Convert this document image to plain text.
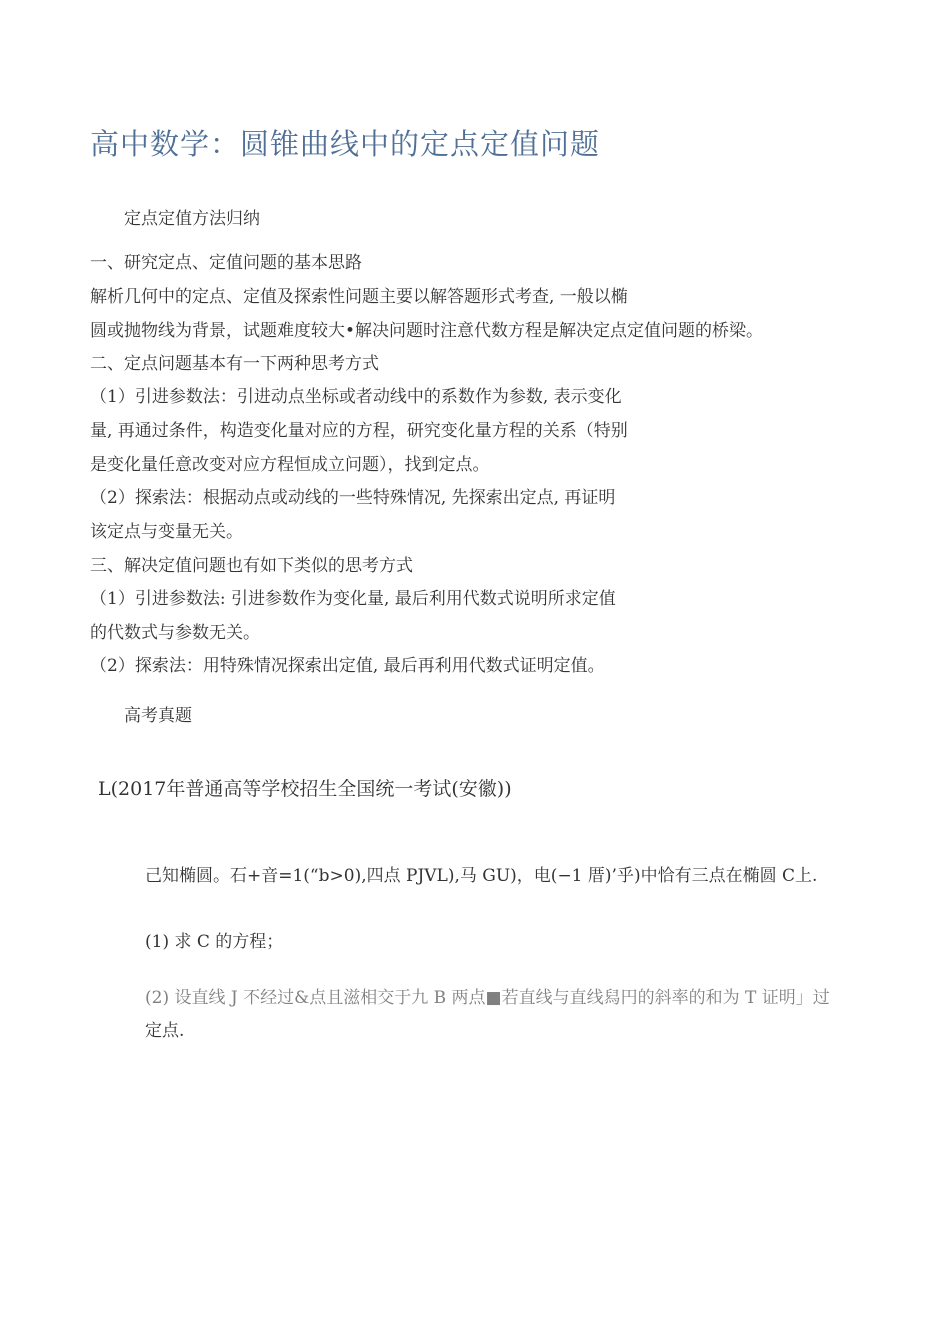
高中数学：圆锥曲线中的定点定值问题
定点定值方法归纳
一、研究定点、定值问题的基本思路
解析几何中的定点、定值及探索性问题主要以解答题形式考查, 一般以椭
圆或抛物线为背景，试题难度较大•解决问题时注意代数方程是解决定点定值问题的桥梁。
二、定点问题基本有一下两种思考方式
（1）引进参数法：引进动点坐标或者动线中的系数作为参数, 表示变化
量, 再通过条件，构造变化量对应的方程，研究变化量方程的关系（特别
是变化量任意改变对应方程恒成立问题），找到定点。
（2）探索法：根据动点或动线的一些特殊情况, 先探索出定点, 再证明
该定点与变量无关。
三、解决定值问题也有如下类似的思考方式
（1）引进参数法: 引进参数作为变化量, 最后利用代数式说明所求定值
的代数式与参数无关。
（2）探索法：用特殊情况探索出定值, 最后再利用代数式证明定值。
高考真题
L(2017年普通高等学校招生全国统一考试(安徽))
己知椭圆。石+音=1(“b>0),四点 PJVL),马 GU)，电(−1 厝)’乎)中恰有三点在椭圆 C上.
(1) 求 C 的方程；
(2) 设直线 J 不经过&点且滋相交于九 B 两点■若直线与直线舄円的斜率的和为 T 证明」过
定点.
